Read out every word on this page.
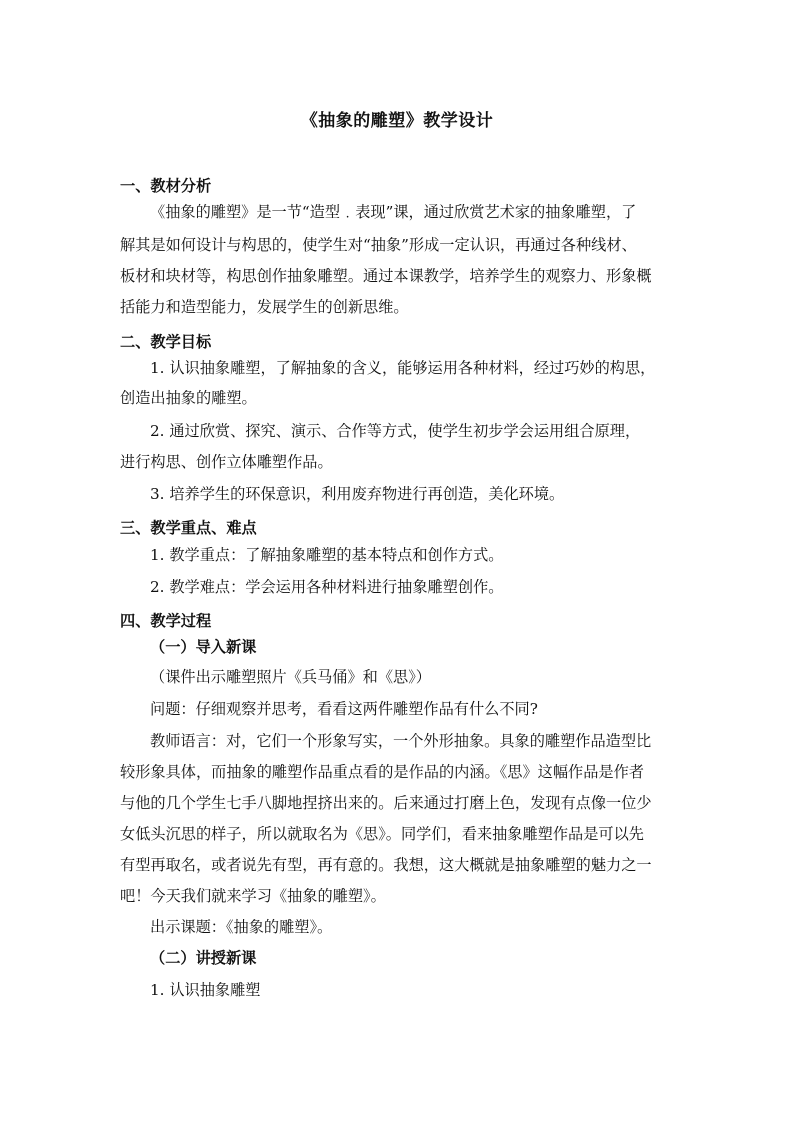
《抽象的雕塑》教学设计
一、教材分析
《抽象的雕塑》是一节“造型﹒表现”课，通过欣赏艺术家的抽象雕塑，了
解其是如何设计与构思的，使学生对“抽象”形成一定认识，再通过各种线材、
板材和块材等，构思创作抽象雕塑。通过本课教学，培养学生的观察力、形象概
括能力和造型能力，发展学生的创新思维。
二、教学目标
1. 认识抽象雕塑，了解抽象的含义，能够运用各种材料，经过巧妙的构思，
创造出抽象的雕塑。
2. 通过欣赏、探究、演示、合作等方式，使学生初步学会运用组合原理，
进行构思、创作立体雕塑作品。
3. 培养学生的环保意识，利用废弃物进行再创造，美化环境。
三、教学重点、难点
1. 教学重点：了解抽象雕塑的基本特点和创作方式。
2. 教学难点：学会运用各种材料进行抽象雕塑创作。
四、教学过程
（一）导入新课
（课件出示雕塑照片《兵马俑》和《思》）
问题：仔细观察并思考，看看这两件雕塑作品有什么不同?
教师语言：对，它们一个形象写实，一个外形抽象。具象的雕塑作品造型比
较形象具体，而抽象的雕塑作品重点看的是作品的内涵。《思》这幅作品是作者
与他的几个学生七手八脚地捏挤出来的。后来通过打磨上色，发现有点像一位少
女低头沉思的样子，所以就取名为《思》。同学们，看来抽象雕塑作品是可以先
有型再取名，或者说先有型，再有意的。我想，这大概就是抽象雕塑的魅力之一
吧！今天我们就来学习《抽象的雕塑》。
出示课题：《抽象的雕塑》。
（二）讲授新课
1. 认识抽象雕塑
